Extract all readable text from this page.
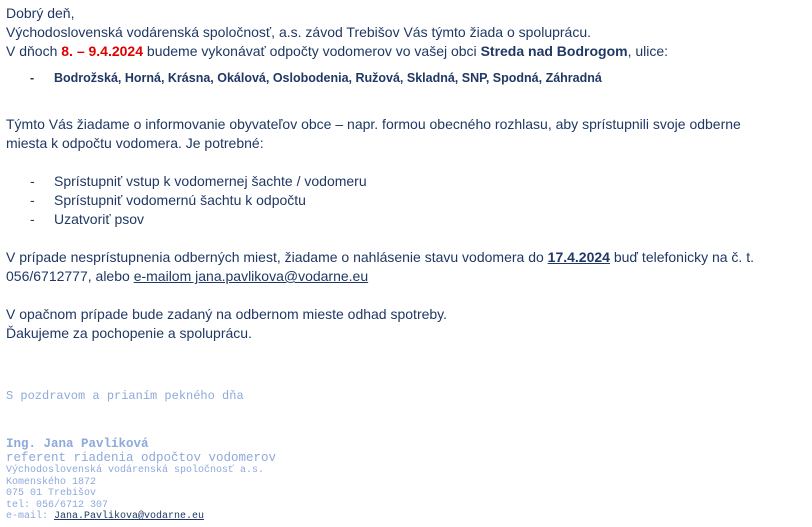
Dobrý deň,

Východoslovenská vodárenská spoločnosť, a.s. závod Trebišov Vás týmto žiada o spoluprácu.

V dňoch 8. – 9.4.2024 budeme vykonávať odpočty vodomerov vo vašej obci Streda nad Bodrogom, ulice:

- Bodrožská, Horná, Krásna, Okálová, Oslobodenia, Ružová, Skladná, SNP, Spodná, Záhradná

Týmto Vás žiadame o informovanie obyvateľov obce – napr. formou obecného rozhlasu, aby sprístupnili svoje odberne

miesta k odpočtu vodomera. Je potrebné:

- Sprístupniť vstup k vodomernej šachte / vodomeru
- Sprístupniť vodomernú šachtu k odpočtu
- Uzatvoriť psov

V prípade nesprístupnenia odberných miest, žiadame o nahlásenie stavu vodomera do 17.4.2024 buď telefonicky na č. t.

056/6712777, alebo e-mailom jana.pavlikova@vodarne.eu

V opačnom prípade bude zadaný na odbernom mieste odhad spotreby.

Ďakujeme za pochopenie a spoluprácu.

S pozdravom a prianím pekného dňa
Ing. Jana Pavlíková
referent riadenia odpočtov vodomerov
Východoslovenská vodárenská spoločnosť a.s.
Komenského 1872
075 01 Trebišov
tel: 056/6712 307
e-mail: Jana.Pavlikova@vodarne.eu
